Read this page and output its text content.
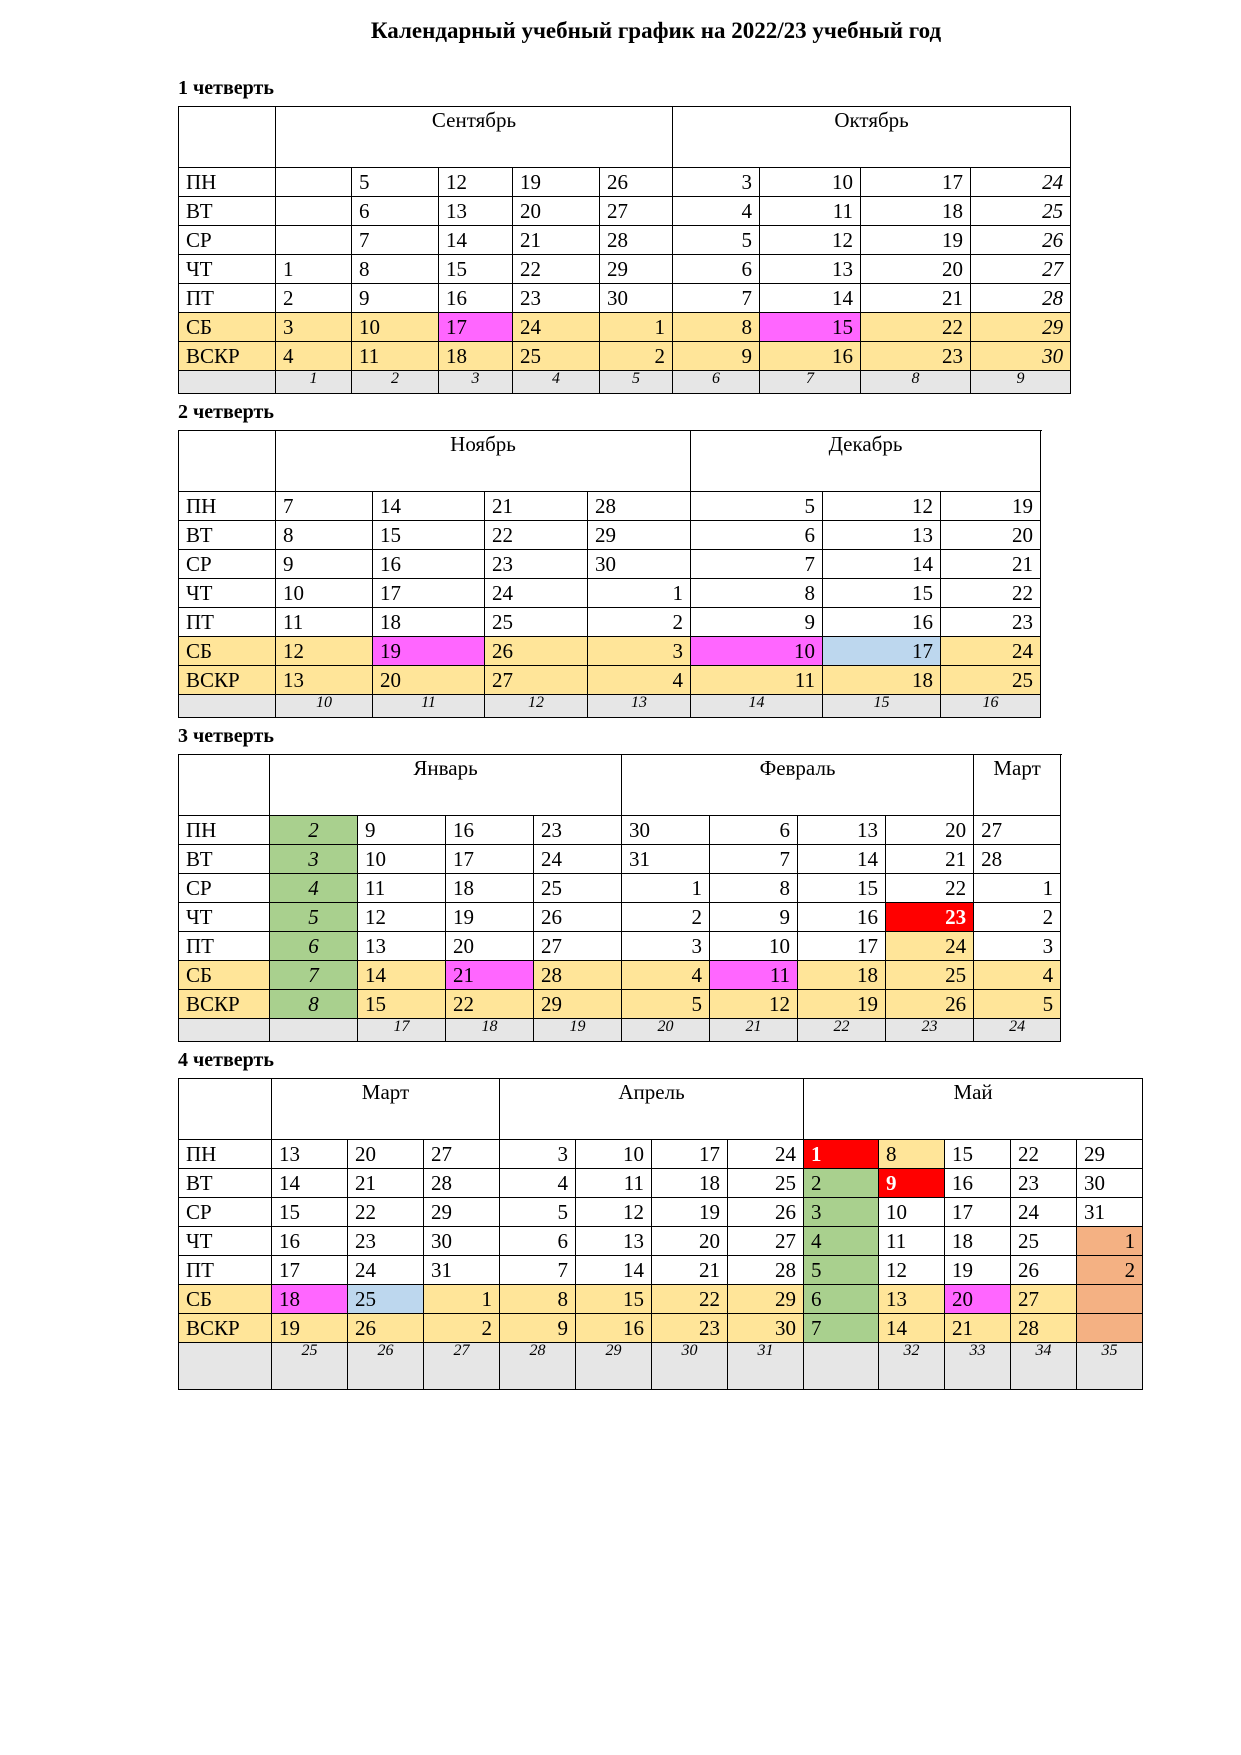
Календарный учебный график на 2022/23 учебный год
1 четверть
	Сентябрь					Октябрь	
ПН		5	12	19	26	3	10	17	24	
ВТ		6	13	20	27	4	11	18	25	
СР		7	14	21	28	5	12	19	26	
ЧТ	1	8	15	22	29	6	13	20	27	
ПТ	2	9	16	23	30	7	14	21	28	
СБ	3	10	17	24	1	8	15	22	29	
ВСКР	4	11	18	25	2	9	16	23	30	
	1	2	3	4	5	6	7	8	9	
2 четверть
	Ноябрь				Декабрь			
ПН	7	14	21	28	5	12	19	
ВТ	8	15	22	29	6	13	20	
СР	9	16	23	30	7	14	21	
ЧТ	10	17	24	1	8	15	22	
ПТ	11	18	25	2	9	16	23	
СБ	12	19	26	3	10	17	24	
ВСКР	13	20	27	4	11	18	25	
	10	11	12	13	14	15	16	
3 четверть
	Январь				Февраль				Март	
ПН	2	9	16	23	30	6	13	20	27	
ВТ	3	10	17	24	31	7	14	21	28	
СР	4	11	18	25	1	8	15	22	1	
ЧТ	5	12	19	26	2	9	16	23	2	
ПТ	6	13	20	27	3	10	17	24	3	
СБ	7	14	21	28	4	11	18	25	4	
ВСКР	8	15	22	29	5	12	19	26	5	
		17	18	19	20	21	22	23	24	
4 четверть
	Март			Апрель				Май				
ПН	13	20	27	3	10	17	24	1	8	15	22	29
ВТ	14	21	28	4	11	18	25	2	9	16	23	30
СР	15	22	29	5	12	19	26	3	10	17	24	31
ЧТ	16	23	30	6	13	20	27	4	11	18	25	1
ПТ	17	24	31	7	14	21	28	5	12	19	26	2
СБ	18	25	1	8	15	22	29	6	13	20	27	
ВСКР	19	26	2	9	16	23	30	7	14	21	28	
	25	26	27	28	29	30	31		32	33	34	35
